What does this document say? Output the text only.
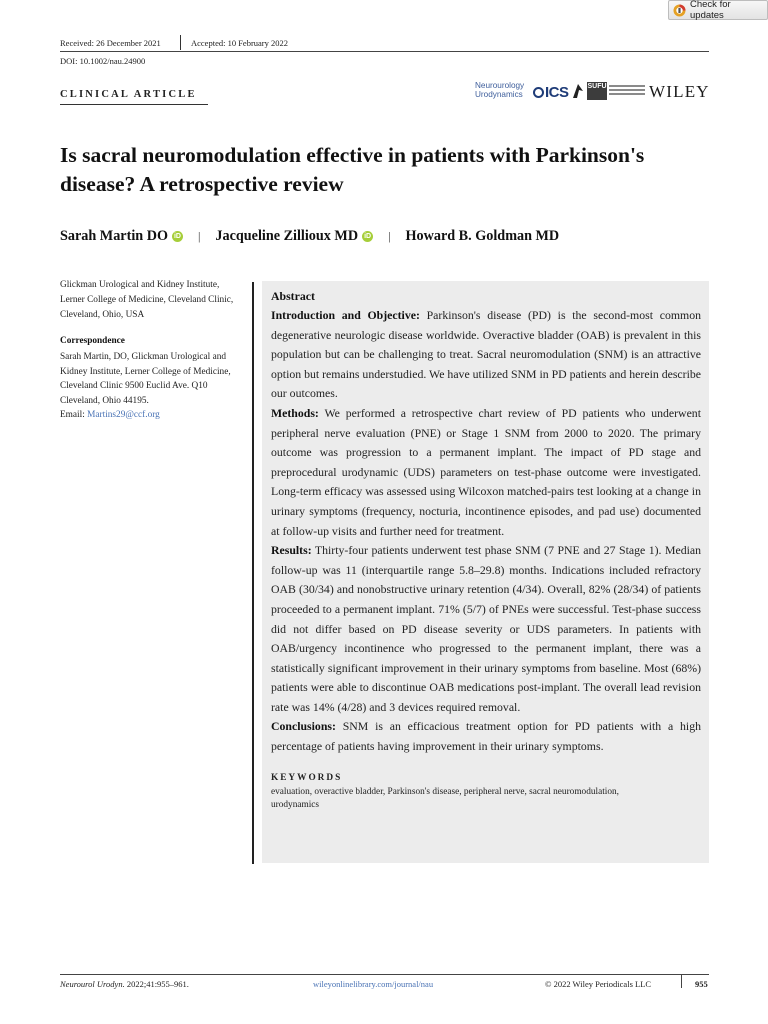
Check for updates
Received: 26 December 2021	Accepted: 10 February 2022
DOI: 10.1002/nau.24900
CLINICAL ARTICLE
Neurourology
Urodynamics	ICS	SUFU WILEY
Is sacral neuromodulation effective in patients with Parkinson's disease? A retrospective review
Sarah Martin DO iD | Jacqueline Zillioux MD iD | Howard B. Goldman MD
Glickman Urological and Kidney Institute, Lerner College of Medicine, Cleveland Clinic, Cleveland, Ohio, USA
Correspondence
Sarah Martin, DO, Glickman Urological and Kidney Institute, Lerner College of Medicine, Cleveland Clinic 9500 Euclid Ave. Q10 Cleveland, Ohio 44195.
Email: Martins29@ccf.org
Abstract

Introduction and Objective: Parkinson's disease (PD) is the second-most common degenerative neurologic disease worldwide. Overactive bladder (OAB) is prevalent in this population but can be challenging to treat. Sacral neuromodulation (SNM) is an attractive option but remains understudied. We have utilized SNM in PD patients and herein describe our outcomes.

Methods: We performed a retrospective chart review of PD patients who underwent peripheral nerve evaluation (PNE) or Stage 1 SNM from 2000 to 2020. The primary outcome was progression to a permanent implant. The impact of PD stage and preprocedural urodynamic (UDS) parameters on test-phase outcome were investigated. Long-term efficacy was assessed using Wilcoxon matched-pairs test looking at a change in urinary symptoms (frequency, nocturia, incontinence episodes, and pad use) documented at follow-up visits and further need for treatment.

Results: Thirty-four patients underwent test phase SNM (7 PNE and 27 Stage 1). Median follow-up was 11 (interquartile range 5.8–29.8) months. Indications included refractory OAB (30/34) and nonobstructive urinary retention (4/34). Overall, 82% (28/34) of patients proceeded to a permanent implant. 71% (5/7) of PNEs were successful. Test-phase success did not differ based on PD disease severity or UDS parameters. In patients with OAB/urgency incontinence who progressed to the permanent implant, there was a statistically significant improvement in their urinary symptoms from baseline. Most (68%) patients were able to discontinue OAB medications post-implant. The overall lead revision rate was 14% (4/28) and 3 devices required removal.

Conclusions: SNM is an efficacious treatment option for PD patients with a high percentage of patients having improvement in their urinary symptoms.

KEYWORDS
evaluation, overactive bladder, Parkinson's disease, peripheral nerve, sacral neuromodulation, urodynamics
Neurourol Urodyn. 2022;41:955–961.	wileyonlinelibrary.com/journal/nau	© 2022 Wiley Periodicals LLC	955
